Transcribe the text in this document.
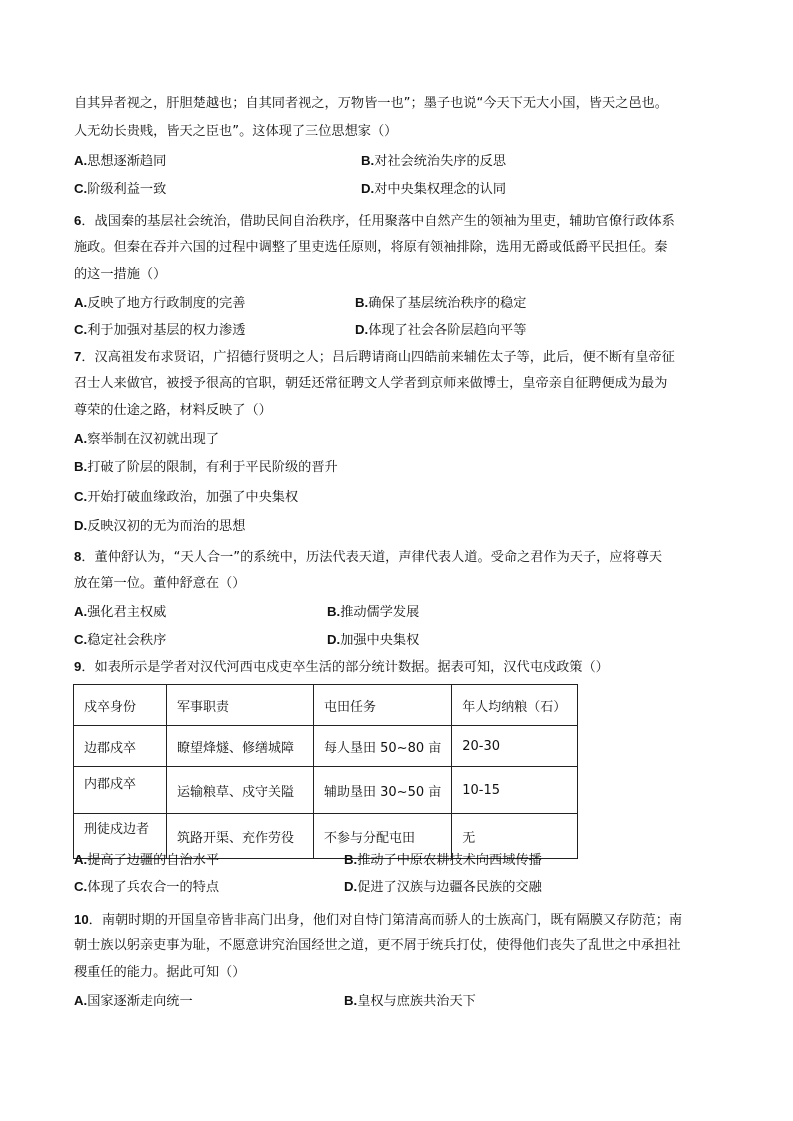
自其异者视之，肝胆楚越也；自其同者视之，万物皆一也”；墨子也说“今天下无大小国，皆天之邑也。
人无幼长贵贱，皆天之臣也”。这体现了三位思想家（）
A.思想逐渐趋同	B.对社会统治失序的反思
C.阶级利益一致	D.对中央集权理念的认同
6．战国秦的基层社会统治，借助民间自治秩序，任用聚落中自然产生的领袖为里吏，辅助官僚行政体系
施政。但秦在吞并六国的过程中调整了里吏选任原则，将原有领袖排除，选用无爵或低爵平民担任。秦
的这一措施（）
A.反映了地方行政制度的完善	B.确保了基层统治秩序的稳定
C.利于加强对基层的权力渗透	D.体现了社会各阶层趋向平等
7．汉高祖发布求贤诏，广招德行贤明之人；吕后聘请商山四皓前来辅佐太子等，此后，便不断有皇帝征
召士人来做官，被授予很高的官职，朝廷还常征聘文人学者到京师来做博士，皇帝亲自征聘便成为最为
尊荣的仕途之路，材料反映了（）
A.察举制在汉初就出现了
B.打破了阶层的限制，有利于平民阶级的晋升
C.开始打破血缘政治，加强了中央集权
D.反映汉初的无为而治的思想
8．董仲舒认为，“天人合一”的系统中，历法代表天道，声律代表人道。受命之君作为天子，应将尊天
放在第一位。董仲舒意在（）
A.强化君主权威	B.推动儒学发展
C.稳定社会秩序	D.加强中央集权
9．如表所示是学者对汉代河西屯戍吏卒生活的部分统计数据。据表可知，汉代屯戍政策（）
戍卒身份	军事职责	屯田任务	年人均纳粮（石）
边郡戍卒	瞭望烽燧、修缮城障	每人垦田 50~80 亩	20-30
内郡戍卒	运输粮草、戍守关隘	辅助垦田 30~50 亩	10-15
刑徒戍边者	筑路开渠、充作劳役	不参与分配屯田	无
A.提高了边疆的自治水平	B.推动了中原农耕技术向西域传播
C.体现了兵农合一的特点	D.促进了汉族与边疆各民族的交融
10．南朝时期的开国皇帝皆非高门出身，他们对自恃门第清高而骄人的士族高门，既有隔膜又存防范；南
朝士族以躬亲吏事为耻，不愿意讲究治国经世之道，更不屑于统兵打仗，使得他们丧失了乱世之中承担社
稷重任的能力。据此可知（）
A.国家逐渐走向统一	B.皇权与庶族共治天下
